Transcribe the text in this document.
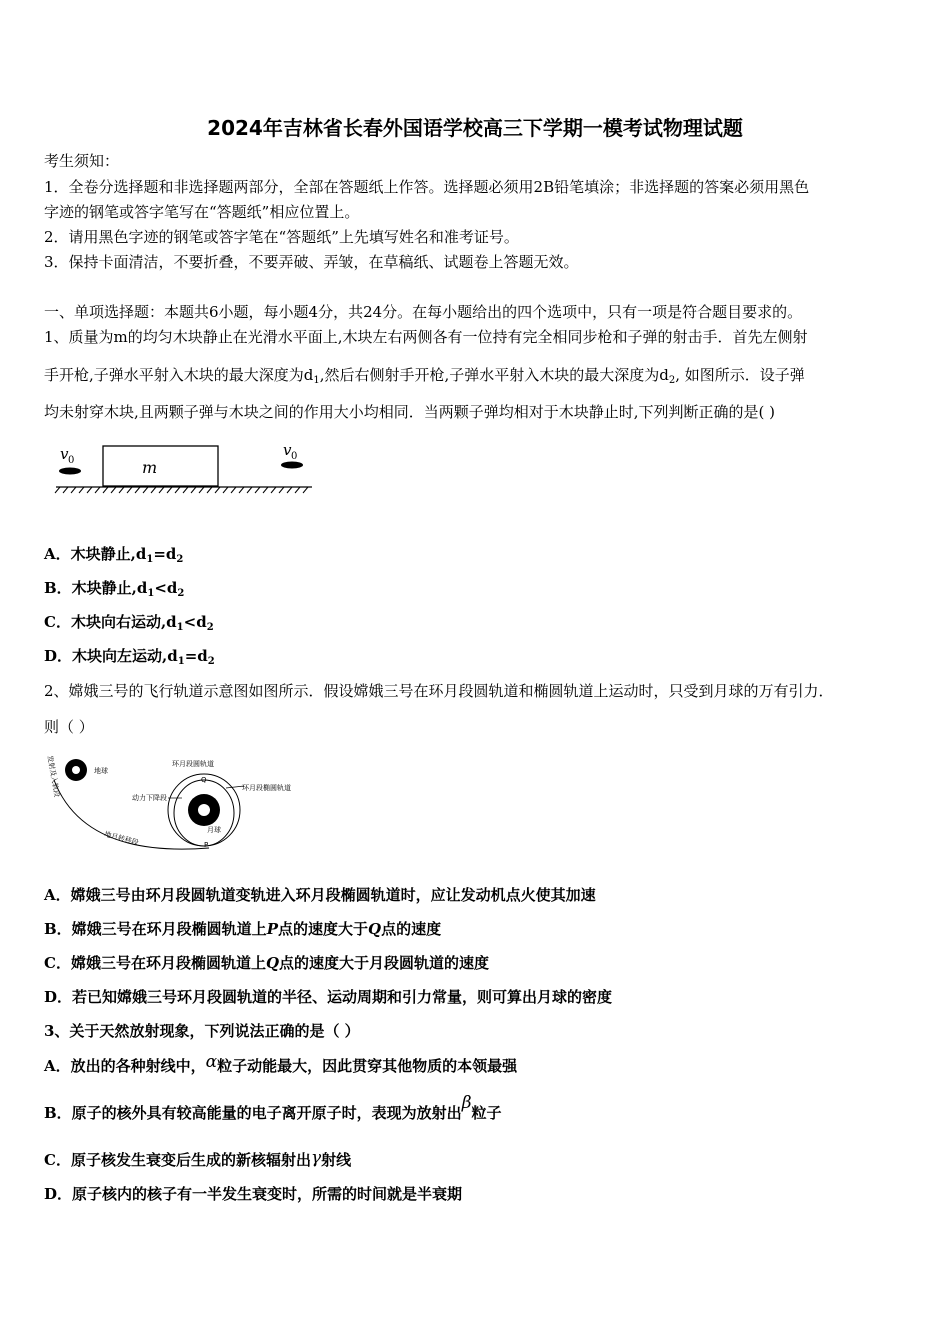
2024年吉林省长春外国语学校高三下学期一模考试物理试题
考生须知：
1．全卷分选择题和非选择题两部分，全部在答题纸上作答。选择题必须用2B铅笔填涂；非选择题的答案必须用黑色
字迹的钢笔或答字笔写在“答题纸”相应位置上。
2．请用黑色字迹的钢笔或答字笔在“答题纸”上先填写姓名和准考证号。
3．保持卡面清洁，不要折叠，不要弄破、弄皱，在草稿纸、试题卷上答题无效。
一、单项选择题：本题共6小题，每小题4分，共24分。在每小题给出的四个选项中，只有一项是符合题目要求的。
1、质量为m的均匀木块静止在光滑水平面上,木块左右两侧各有一位持有完全相同步枪和子弹的射击手．首先左侧射
手开枪,子弹水平射入木块的最大深度为$d_1$,然后右侧射手开枪,子弹水平射入木块的最大深度为$d_2$, 如图所示．设子弹
均未射穿木块,且两颗子弹与木块之间的作用大小均相同．当两颗子弹均相对于木块静止时,下列判断正确的是( )
v 0	m
v 0
A．木块静止$,d_1=d_2$
B．木块静止$,d_1<d_2$
C．木块向右运动$,d_1<d_2$
D．木块向左运动$,d_1=d_2$
2、嫦娥三号的飞行轨道示意图如图所示．假设嫦娥三号在环月段圆轨道和椭圆轨道上运动时，只受到月球的万有引力．
则（ ）
发射及入轨段	地球
环月段圆轨道
环月段椭圆轨道
动力下降段
地月转移段
月球
Q
P
A．嫦娥三号由环月段圆轨道变轨进入环月段椭圆轨道时，应让发动机点火使其加速
B．嫦娥三号在环月段椭圆轨道上P点的速度大于Q点的速度
C．嫦娥三号在环月段椭圆轨道上Q点的速度大于月段圆轨道的速度
D．若已知嫦娥三号环月段圆轨道的半径、运动周期和引力常量，则可算出月球的密度
3、关于天然放射现象，下列说法正确的是（ ）
A．放出的各种射线中，α粒子动能最大，因此贯穿其他物质的本领最强
B．原子的核外具有较高能量的电子离开原子时，表现为放射出β粒子
C．原子核发生衰变后生成的新核辐射出γ射线
D．原子核内的核子有一半发生衰变时，所需的时间就是半衰期
